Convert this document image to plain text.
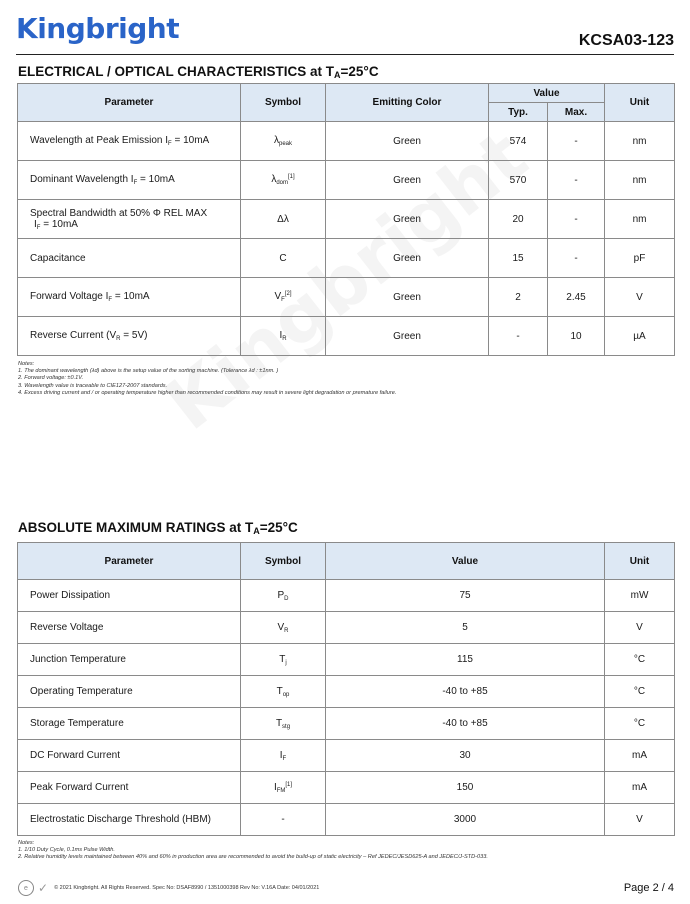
Kingbright	KCSA03-123
ELECTRICAL / OPTICAL CHARACTERISTICS at $T_A=25^\circ C$
Parameter	Symbol	Emitting Color	Value		Unit
			Typ.	Max.	
Wavelength at Peak Emission $I_F = 10mA$	$\lambda_{peak}$	Green	574	-	nm
Dominant Wavelength $I_F = 10mA$	$\lambda_{dom}[1]$	Green	570	-	nm
Spectral Bandwidth at 50% Φ REL MAX
$I_F = 10mA$	Δλ	Green	20	-	nm
Capacitance	C	Green	15	-	pF
Forward Voltage $I_F = 10mA$	$V_F[2]$	Green	2	2.45	V
Reverse Current $(V_R = 5V)$	$I_R$	Green	-	10	µA
Notes:
1. The dominant wavelength (λd) above is the setup value of the sorting machine. (Tolerance λd : ±1nm. )
2. Forward voltage: ±0.1V.
3. Wavelength value is traceable to CIE127-2007 standards.
4. Excess driving current and / or operating temperature higher than recommended conditions may result in severe light degradation or premature failure.
ABSOLUTE MAXIMUM RATINGS at $T_A=25^\circ C$
Parameter	Symbol	Value	Unit
Power Dissipation	$P_D$	75	mW
Reverse Voltage	$V_R$	5	V
Junction Temperature	$T_j$	115	°C
Operating Temperature	$T_{op}$	-40 to +85	°C
Storage Temperature	$T_{stg}$	-40 to +85	°C
DC Forward Current	$I_F$	30	mA
Peak Forward Current	$I_{FM}[1]$	150	mA
Electrostatic Discharge Threshold (HBM)	-	3000	V
Notes:
1. 1/10 Duty Cycle, 0.1ms Pulse Width.
2. Relative humidity levels maintained between 40% and 60% in production area are recommended to avoid the build-up of static electricity – Ref JEDEC/JESD625-A and JEDEC/J-STD-033.
e ✓ © 2021 Kingbright. All Rights Reserved. Spec No: DSAF8990 / 1351000398 Rev No: V.16A Date: 04/01/2021	Page 2 / 4
